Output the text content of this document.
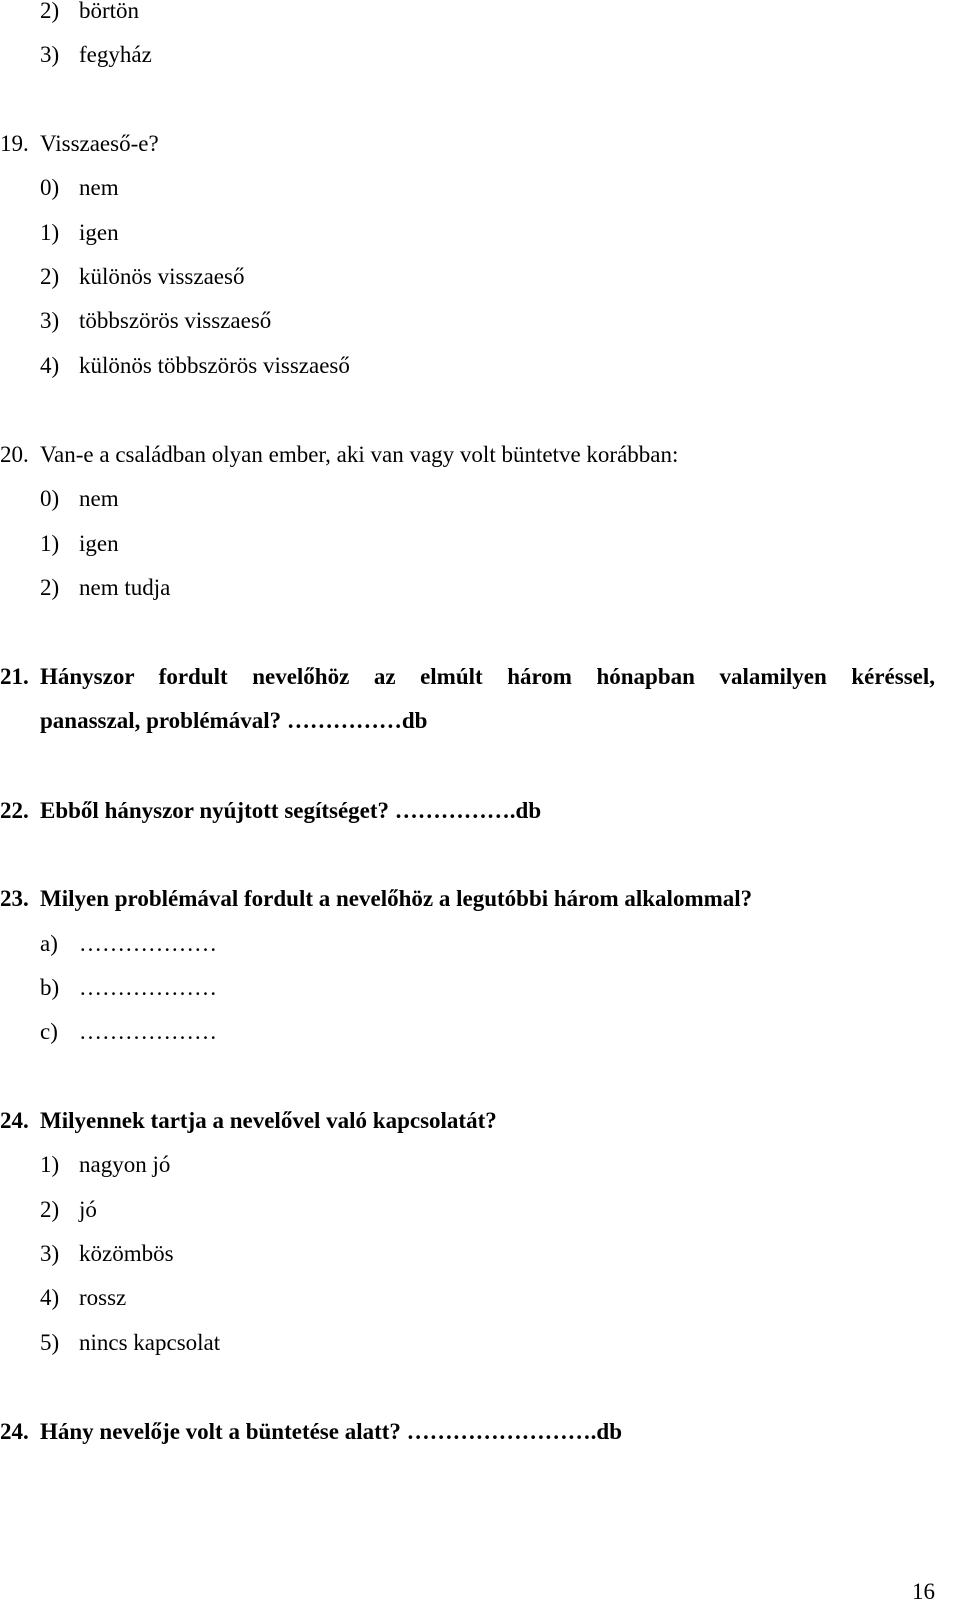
2) börtön
3) fegyház
19. Visszaeső-e?
0) nem
1) igen
2) különös visszaeső
3) többszörös visszaeső
4) különös többszörös visszaeső
20. Van-e a családban olyan ember, aki van vagy volt büntetve korábban:
0) nem
1) igen
2) nem tudja
21. Hányszor fordult nevelőhöz az elmúlt három hónapban valamilyen kéréssel,
panasszal, problémával? ……………db
22. Ebből hányszor nyújtott segítséget? …………….db
23. Milyen problémával fordult a nevelőhöz a legutóbbi három alkalommal?
a) ………………
b) ………………
c) ………………
24. Milyennek tartja a nevelővel való kapcsolatát?
1) nagyon jó
2) jó
3) közömbös
4) rossz
5) nincs kapcsolat
24. Hány nevelője volt a büntetése alatt? …………………….db
16
